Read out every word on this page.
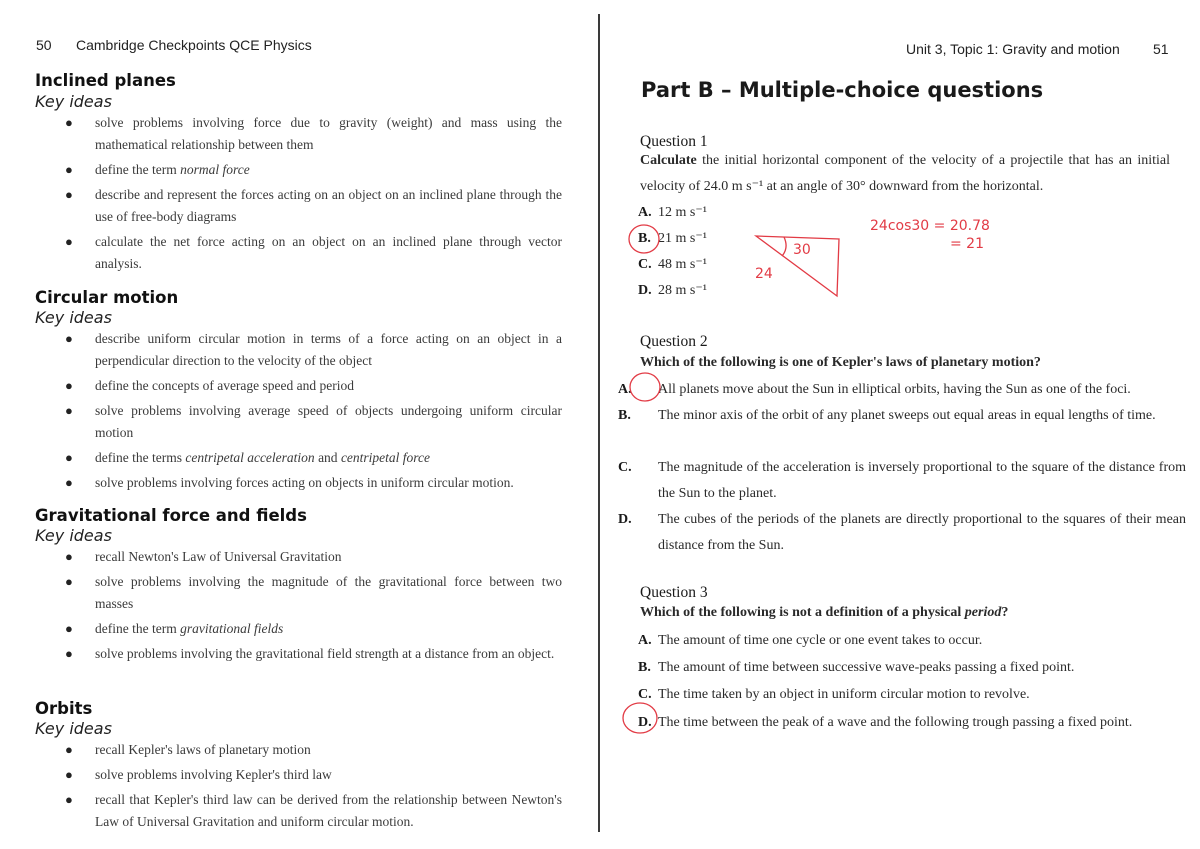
50 Cambridge Checkpoints QCE Physics
Inclined planes
Key ideas
● solve problems involving force due to gravity (weight) and mass using the mathematical relationship between them
● define the term normal force
● describe and represent the forces acting on an object on an inclined plane through the use of free-body diagrams
● calculate the net force acting on an object on an inclined plane through vector analysis.
Circular motion
Key ideas
● describe uniform circular motion in terms of a force acting on an object in a perpendicular direction to the velocity of the object
● define the concepts of average speed and period
● solve problems involving average speed of objects undergoing uniform circular motion
● define the terms centripetal acceleration and centripetal force
● solve problems involving forces acting on objects in uniform circular motion.
Gravitational force and fields
Key ideas
● recall Newton's Law of Universal Gravitation
● solve problems involving the magnitude of the gravitational force between two masses
● define the term gravitational fields
● solve problems involving the gravitational field strength at a distance from an object.
Orbits
Key ideas
● recall Kepler's laws of planetary motion
● solve problems involving Kepler's third law
● recall that Kepler's third law can be derived from the relationship between Newton's Law of Universal Gravitation and uniform circular motion.
Unit 3, Topic 1: Gravity and motion 51
Part B – Multiple-choice questions
Question 1
Calculate the initial horizontal component of the velocity of a projectile that has an initial velocity of 24.0 m s⁻¹ at an angle of 30° downward from the horizontal.
A. 12 m s⁻¹
B. 21 m s⁻¹
C. 48 m s⁻¹
D. 28 m s⁻¹
Question 2
Which of the following is one of Kepler's laws of planetary motion?
A. All planets move about the Sun in elliptical orbits, having the Sun as one of the foci.
B. The minor axis of the orbit of any planet sweeps out equal areas in equal lengths of time.
C. The magnitude of the acceleration is inversely proportional to the square of the distance from the Sun to the planet.
D. The cubes of the periods of the planets are directly proportional to the squares of their mean distance from the Sun.
Question 3
Which of the following is not a definition of a physical period?
A. The amount of time one cycle or one event takes to occur.
B. The amount of time between successive wave-peaks passing a fixed point.
C. The time taken by an object in uniform circular motion to revolve.
D. The time between the peak of a wave and the following trough passing a fixed point.
30
24
24cos30 = 20.78
= 21
